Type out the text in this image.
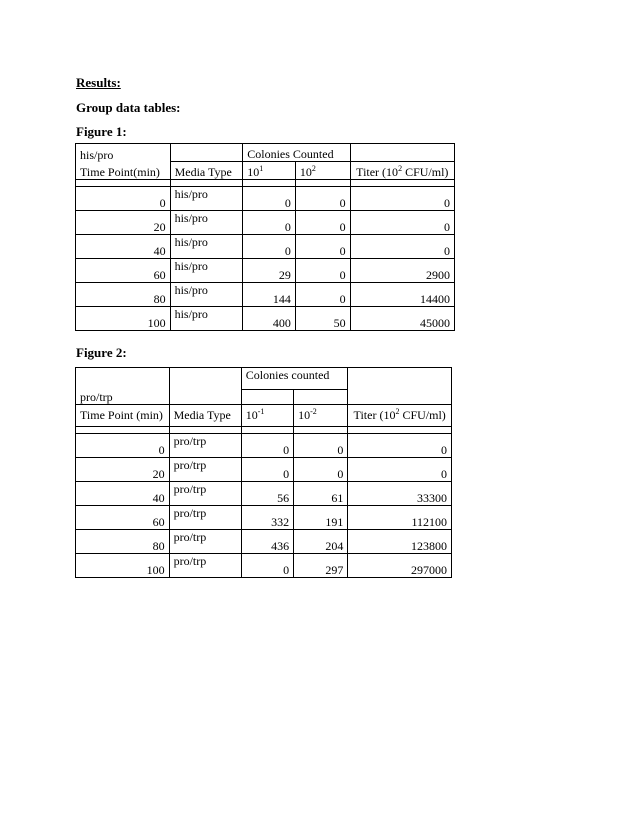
Results:
Group data tables:
Figure 1:
his/pro		Colonies Counted		
Time Point(min)	Media Type	$10^1$	$10^2$	Titer ($10^2$ CFU/ml)

0	his/pro	0	0	0
20	his/pro	0	0	0
40	his/pro	0	0	0
60	his/pro	29	0	2900
80	his/pro	144	0	14400
100	his/pro	400	50	45000
Figure 2:
		Colonies counted		
pro/trp				
Time Point (min)	Media Type	$10^{-1}$	$10^{-2}$	Titer ($10^2$ CFU/ml)

0	pro/trp	0	0	0
20	pro/trp	0	0	0
40	pro/trp	56	61	33300
60	pro/trp	332	191	112100
80	pro/trp	436	204	123800
100	pro/trp	0	297	297000
